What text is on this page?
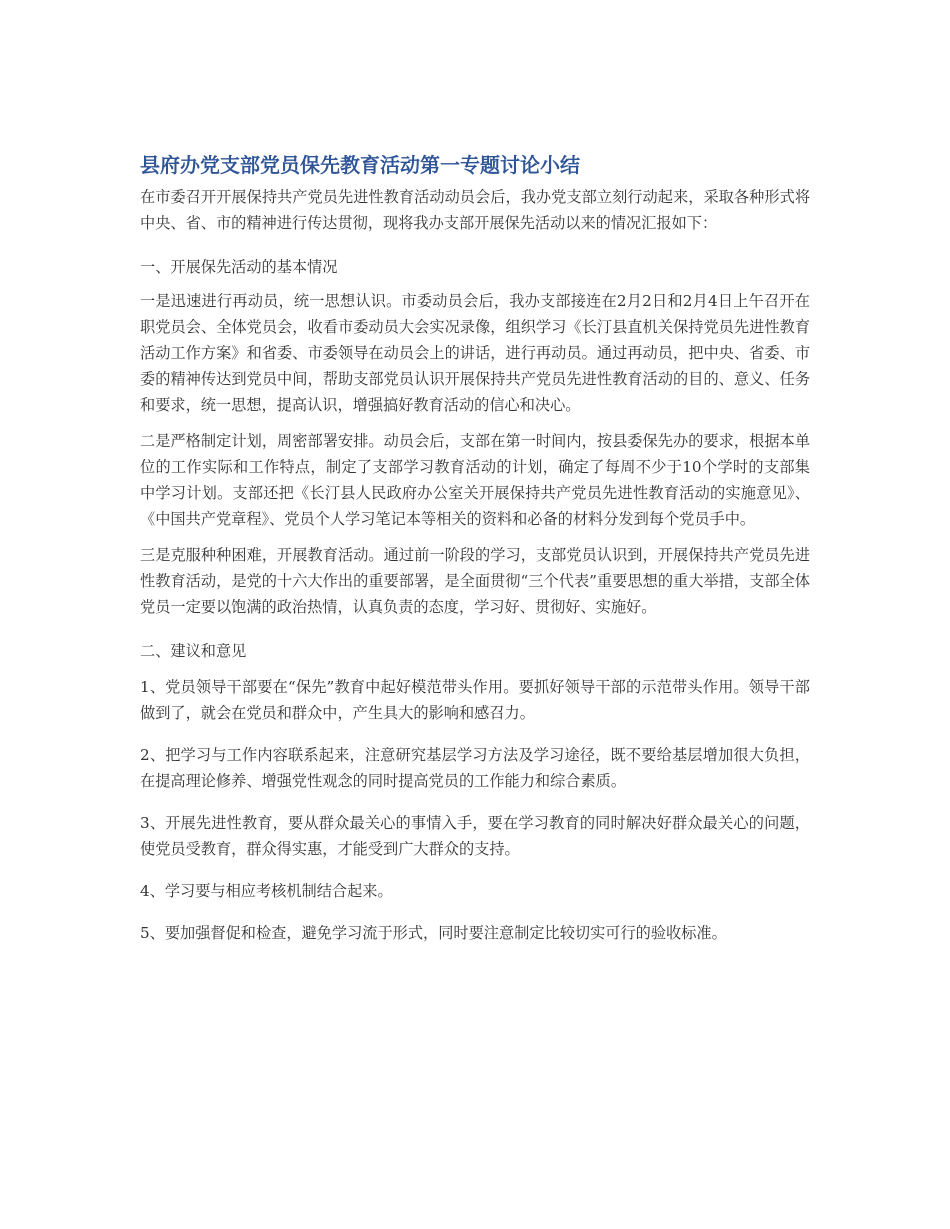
县府办党支部党员保先教育活动第一专题讨论小结

在市委召开开展保持共产党员先进性教育活动动员会后，我办党支部立刻行动起来，采取各种形式将中央、省、市的精神进行传达贯彻，现将我办支部开展保先活动以来的情况汇报如下：

一、开展保先活动的基本情况

一是迅速进行再动员，统一思想认识。市委动员会后，我办支部接连在2月2日和2月4日上午召开在职党员会、全体党员会，收看市委动员大会实况录像，组织学习《长汀县直机关保持党员先进性教育活动工作方案》和省委、市委领导在动员会上的讲话，进行再动员。通过再动员，把中央、省委、市委的精神传达到党员中间，帮助支部党员认识开展保持共产党员先进性教育活动的目的、意义、任务和要求，统一思想，提高认识，增强搞好教育活动的信心和决心。

二是严格制定计划，周密部署安排。动员会后，支部在第一时间内，按县委保先办的要求，根据本单位的工作实际和工作特点，制定了支部学习教育活动的计划，确定了每周不少于10个学时的支部集中学习计划。支部还把《长汀县人民政府办公室关开展保持共产党员先进性教育活动的实施意见》、《中国共产党章程》、党员个人学习笔记本等相关的资料和必备的材料分发到每个党员手中。

三是克服种种困难，开展教育活动。通过前一阶段的学习，支部党员认识到，开展保持共产党员先进性教育活动，是党的十六大作出的重要部署，是全面贯彻“三个代表”重要思想的重大举措，支部全体党员一定要以饱满的政治热情，认真负责的态度，学习好、贯彻好、实施好。

二、建议和意见

1、党员领导干部要在“保先”教育中起好模范带头作用。要抓好领导干部的示范带头作用。领导干部做到了，就会在党员和群众中，产生具大的影响和感召力。

2、把学习与工作内容联系起来，注意研究基层学习方法及学习途径，既不要给基层增加很大负担，在提高理论修养、增强党性观念的同时提高党员的工作能力和综合素质。

3、开展先进性教育，要从群众最关心的事情入手，要在学习教育的同时解决好群众最关心的问题，使党员受教育，群众得实惠，才能受到广大群众的支持。

4、学习要与相应考核机制结合起来。

5、要加强督促和检查，避免学习流于形式，同时要注意制定比较切实可行的验收标准。
